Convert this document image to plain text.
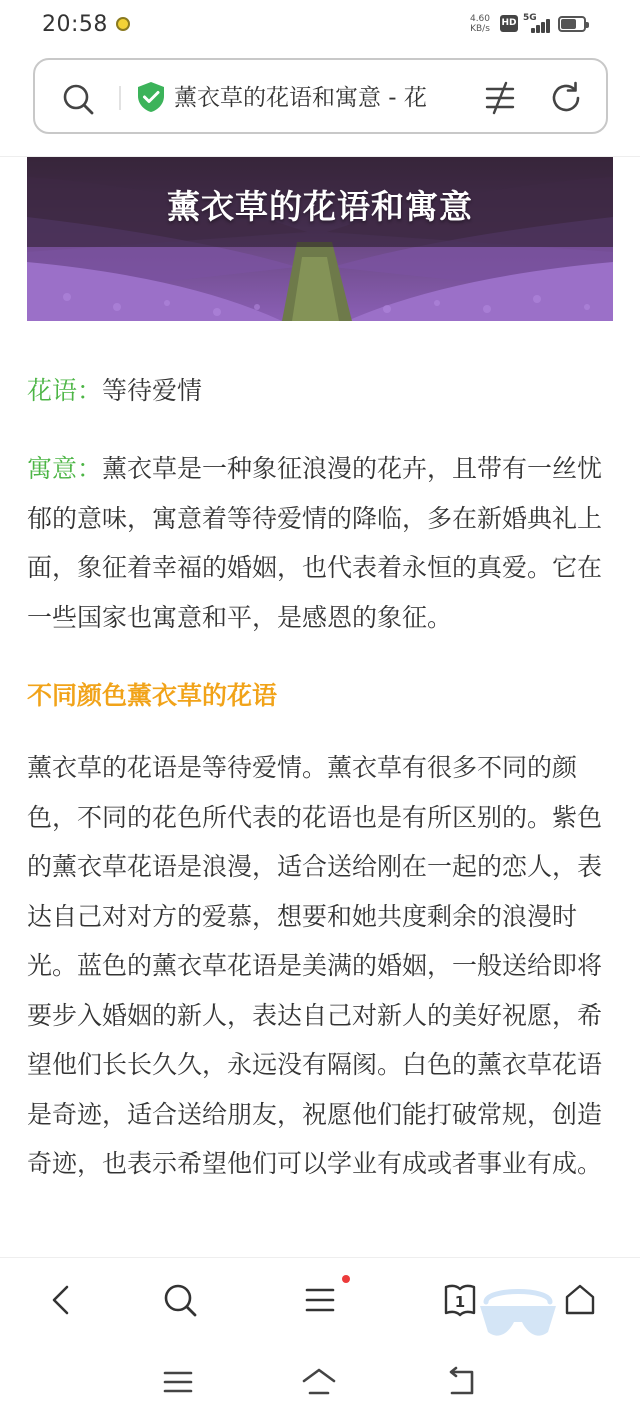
20:58	4.60
KB/s
HD 5G
薰衣草的花语和寓意 - 花
薰衣草的花语和寓意

花语：等待爱情

寓意：薰衣草是一种象征浪漫的花卉，且带有一丝忧郁的意味，寓意着等待爱情的降临，多在新婚典礼上面，象征着幸福的婚姻，也代表着永恒的真爱。它在一些国家也寓意和平，是感恩的象征。

不同颜色薰衣草的花语

薰衣草的花语是等待爱情。薰衣草有很多不同的颜色，不同的花色所代表的花语也是有所区别的。紫色的薰衣草花语是浪漫，适合送给刚在一起的恋人，表达自己对对方的爱慕，想要和她共度剩余的浪漫时光。蓝色的薰衣草花语是美满的婚姻，一般送给即将要步入婚姻的新人，表达自己对新人的美好祝愿，希望他们长长久久，永远没有隔阂。白色的薰衣草花语是奇迹，适合送给朋友，祝愿他们能打破常规，创造奇迹，也表示希望他们可以学业有成或者事业有成。

1
